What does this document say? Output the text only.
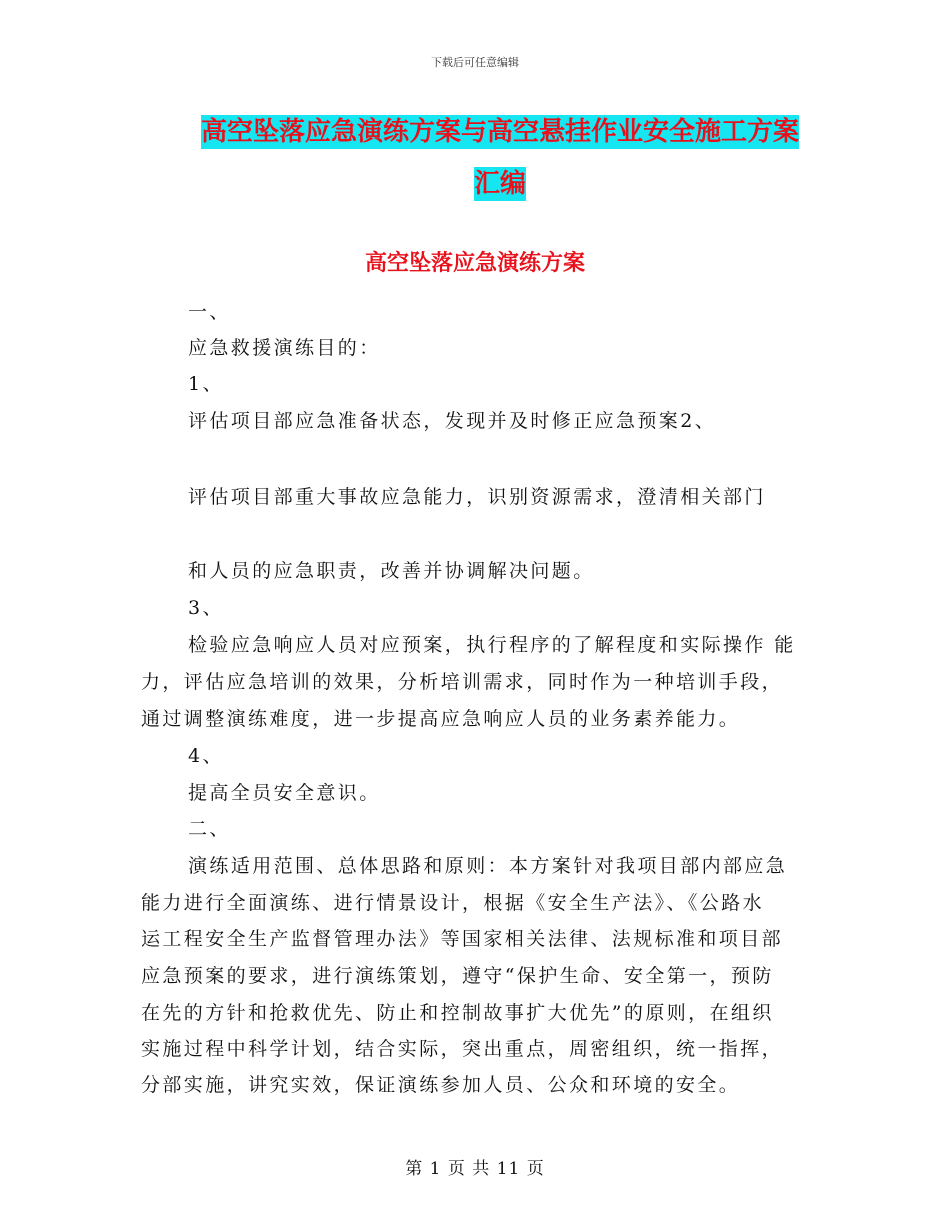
下载后可任意编辑
高空坠落应急演练方案与高空悬挂作业安全施工方案
汇编
高空坠落应急演练方案
一、
应急救援演练目的：
1、
评估项目部应急准备状态，发现并及时修正应急预案2、
评估项目部重大事故应急能力，识别资源需求，澄清相关部门
和人员的应急职责，改善并协调解决问题。
3、
检验应急响应人员对应预案，执行程序的了解程度和实际操作 能
力，评估应急培训的效果，分析培训需求，同时作为一种培训手段，
通过调整演练难度，进一步提高应急响应人员的业务素养能力。
4、
提高全员安全意识。
二、
演练适用范围、总体思路和原则：本方案针对我项目部内部应急
能力进行全面演练、进行情景设计，根据《安全生产法》、《公路水
运工程安全生产监督管理办法》等国家相关法律、法规标准和项目部
应急预案的要求，进行演练策划，遵守“保护生命、安全第一，预防
在先的方针和抢救优先、防止和控制故事扩大优先”的原则，在组织
实施过程中科学计划，结合实际，突出重点，周密组织，统一指挥，
分部实施，讲究实效，保证演练参加人员、公众和环境的安全。
第 1 页 共 11 页
